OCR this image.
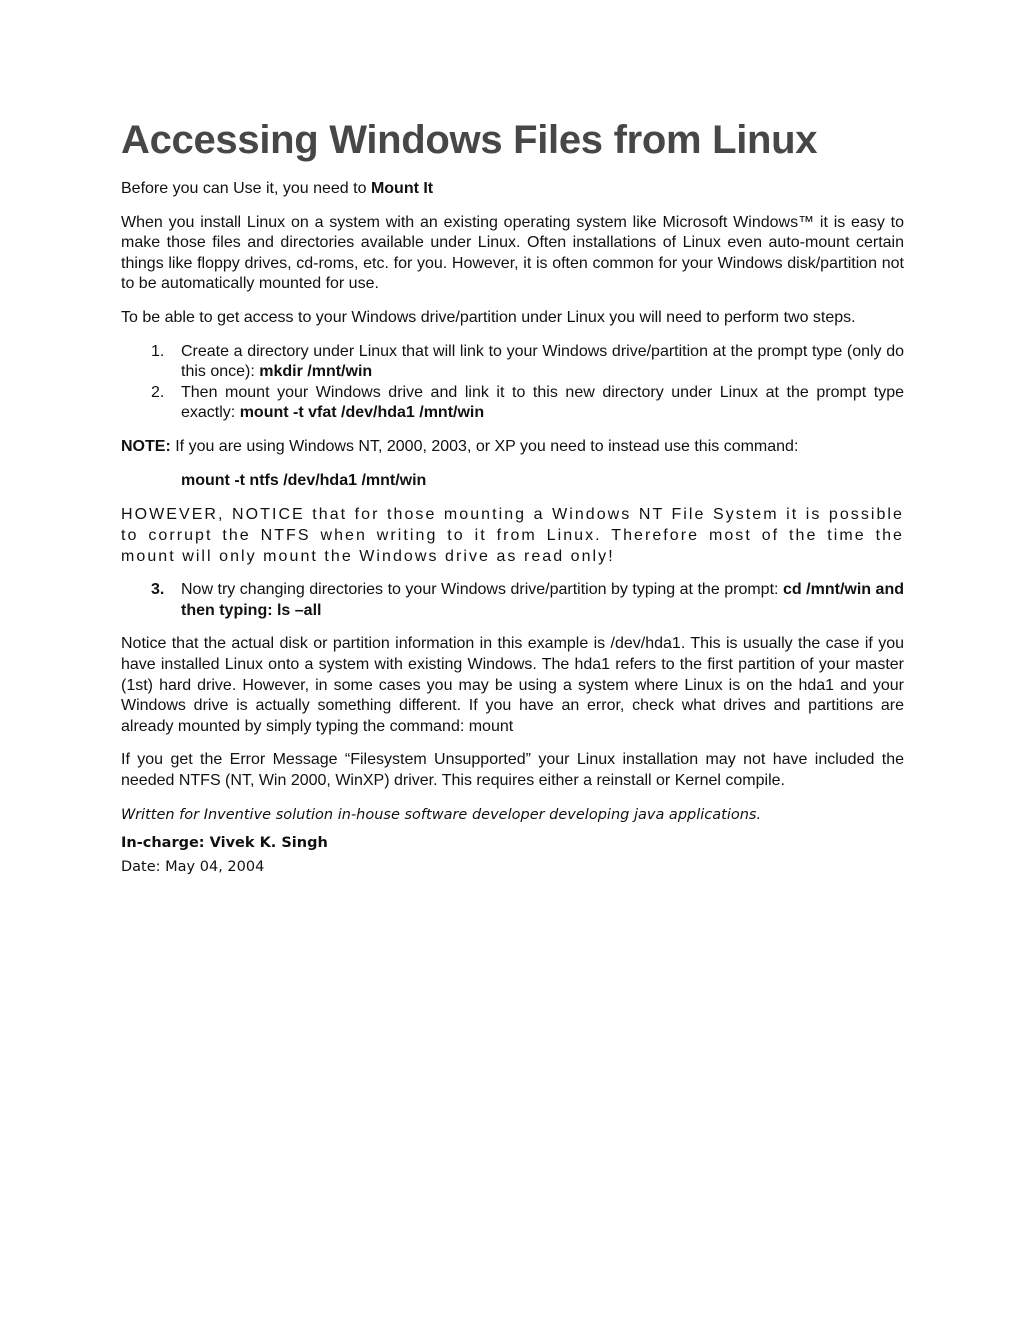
Accessing Windows Files from Linux

Before you can Use it, you need to Mount It

When you install Linux on a system with an existing operating system like Microsoft Windows™ it is easy to make those files and directories available under Linux. Often installations of Linux even auto-mount certain things like floppy drives, cd-roms, etc. for you. However, it is often common for your Windows disk/partition not to be automatically mounted for use.

To be able to get access to your Windows drive/partition under Linux you will need to perform two steps.

1. Create a directory under Linux that will link to your Windows drive/partition at the prompt type (only do this once): mkdir /mnt/win
2. Then mount your Windows drive and link it to this new directory under Linux at the prompt type exactly: mount -t vfat /dev/hda1 /mnt/win

NOTE: If you are using Windows NT, 2000, 2003, or XP you need to instead use this command:

mount -t ntfs /dev/hda1 /mnt/win

HOWEVER, NOTICE that for those mounting a Windows NT File System it is possible to corrupt the NTFS when writing to it from Linux. Therefore most of the time the mount will only mount the Windows drive as read only!

3. Now try changing directories to your Windows drive/partition by typing at the prompt: cd /mnt/win and then typing: ls –all

Notice that the actual disk or partition information in this example is /dev/hda1. This is usually the case if you have installed Linux onto a system with existing Windows. The hda1 refers to the first partition of your master (1st) hard drive. However, in some cases you may be using a system where Linux is on the hda1 and your Windows drive is actually something different. If you have an error, check what drives and partitions are already mounted by simply typing the command: mount

If you get the Error Message “Filesystem Unsupported” your Linux installation may not have included the needed NTFS (NT, Win 2000, WinXP) driver. This requires either a reinstall or Kernel compile.

Written for Inventive solution in-house software developer developing java applications.

In-charge: Vivek K. Singh

Date: May 04, 2004
